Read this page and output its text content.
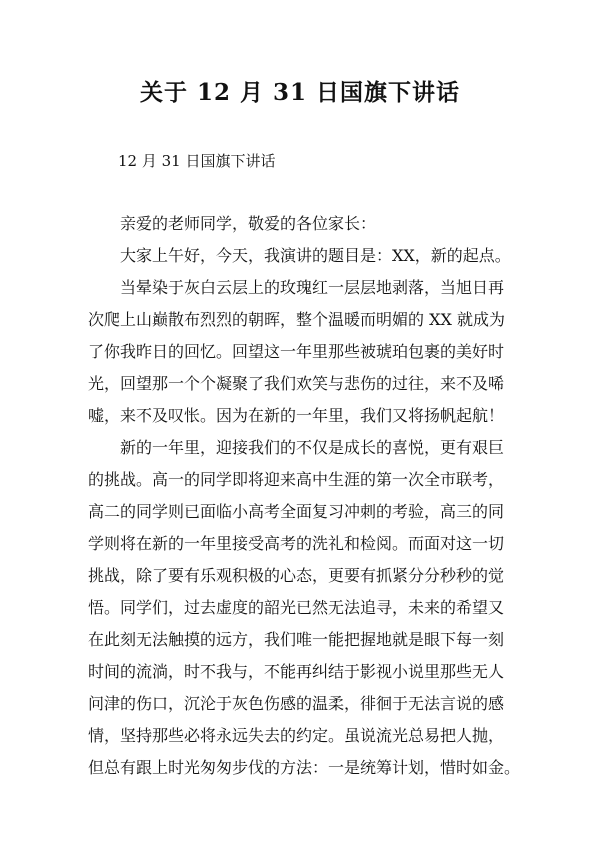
关于 12 月 31 日国旗下讲话
12 月 31 日国旗下讲话
亲爱的老师同学，敬爱的各位家长：
大家上午好，今天，我演讲的题目是：XX，新的起点。
当晕染于灰白云层上的玫瑰红一层层地剥落，当旭日再
次爬上山巅散布烈烈的朝晖，整个温暖而明媚的 XX 就成为
了你我昨日的回忆。回望这一年里那些被琥珀包裹的美好时
光，回望那一个个凝聚了我们欢笑与悲伤的过往，来不及唏
嘘，来不及叹怅。因为在新的一年里，我们又将扬帆起航！
新的一年里，迎接我们的不仅是成长的喜悦，更有艰巨
的挑战。高一的同学即将迎来高中生涯的第一次全市联考，
高二的同学则已面临小高考全面复习冲刺的考验，高三的同
学则将在新的一年里接受高考的洗礼和检阅。而面对这一切
挑战，除了要有乐观积极的心态，更要有抓紧分分秒秒的觉
悟。同学们，过去虚度的韶光已然无法追寻，未来的希望又
在此刻无法触摸的远方，我们唯一能把握地就是眼下每一刻
时间的流淌，时不我与，不能再纠结于影视小说里那些无人
问津的伤口，沉沦于灰色伤感的温柔，徘徊于无法言说的感
情，坚持那些必将永远失去的约定。虽说流光总易把人抛，
但总有跟上时光匆匆步伐的方法：一是统筹计划，惜时如金。
